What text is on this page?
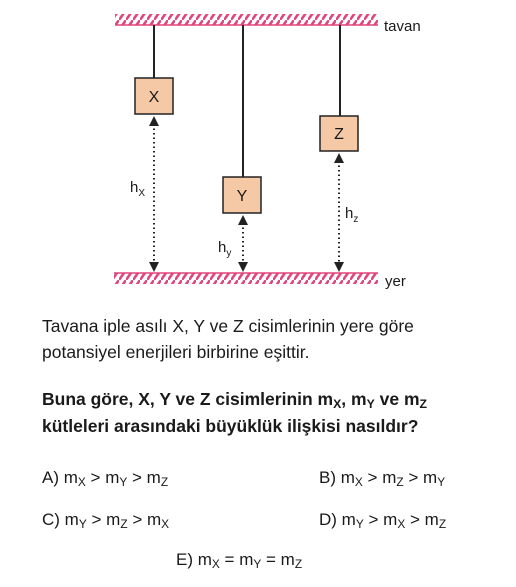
tavan
yer
X
Y
Z
$h_X$
$h_y$
$h_z$
Tavana iple asılı X, Y ve Z cisimlerinin yere göre
potansiyel enerjileri birbirine eşittir.
Buna göre, X, Y ve Z cisimlerinin $m_X$, $m_Y$ ve $m_Z$
kütleleri arasındaki büyüklük ilişkisi nasıldır?
A) $m_X > m_Y > m_Z$	B) $m_X > m_Z > m_Y$
C) $m_Y > m_Z > m_X$	D) $m_Y > m_X > m_Z$
E) $m_X = m_Y = m_Z$
